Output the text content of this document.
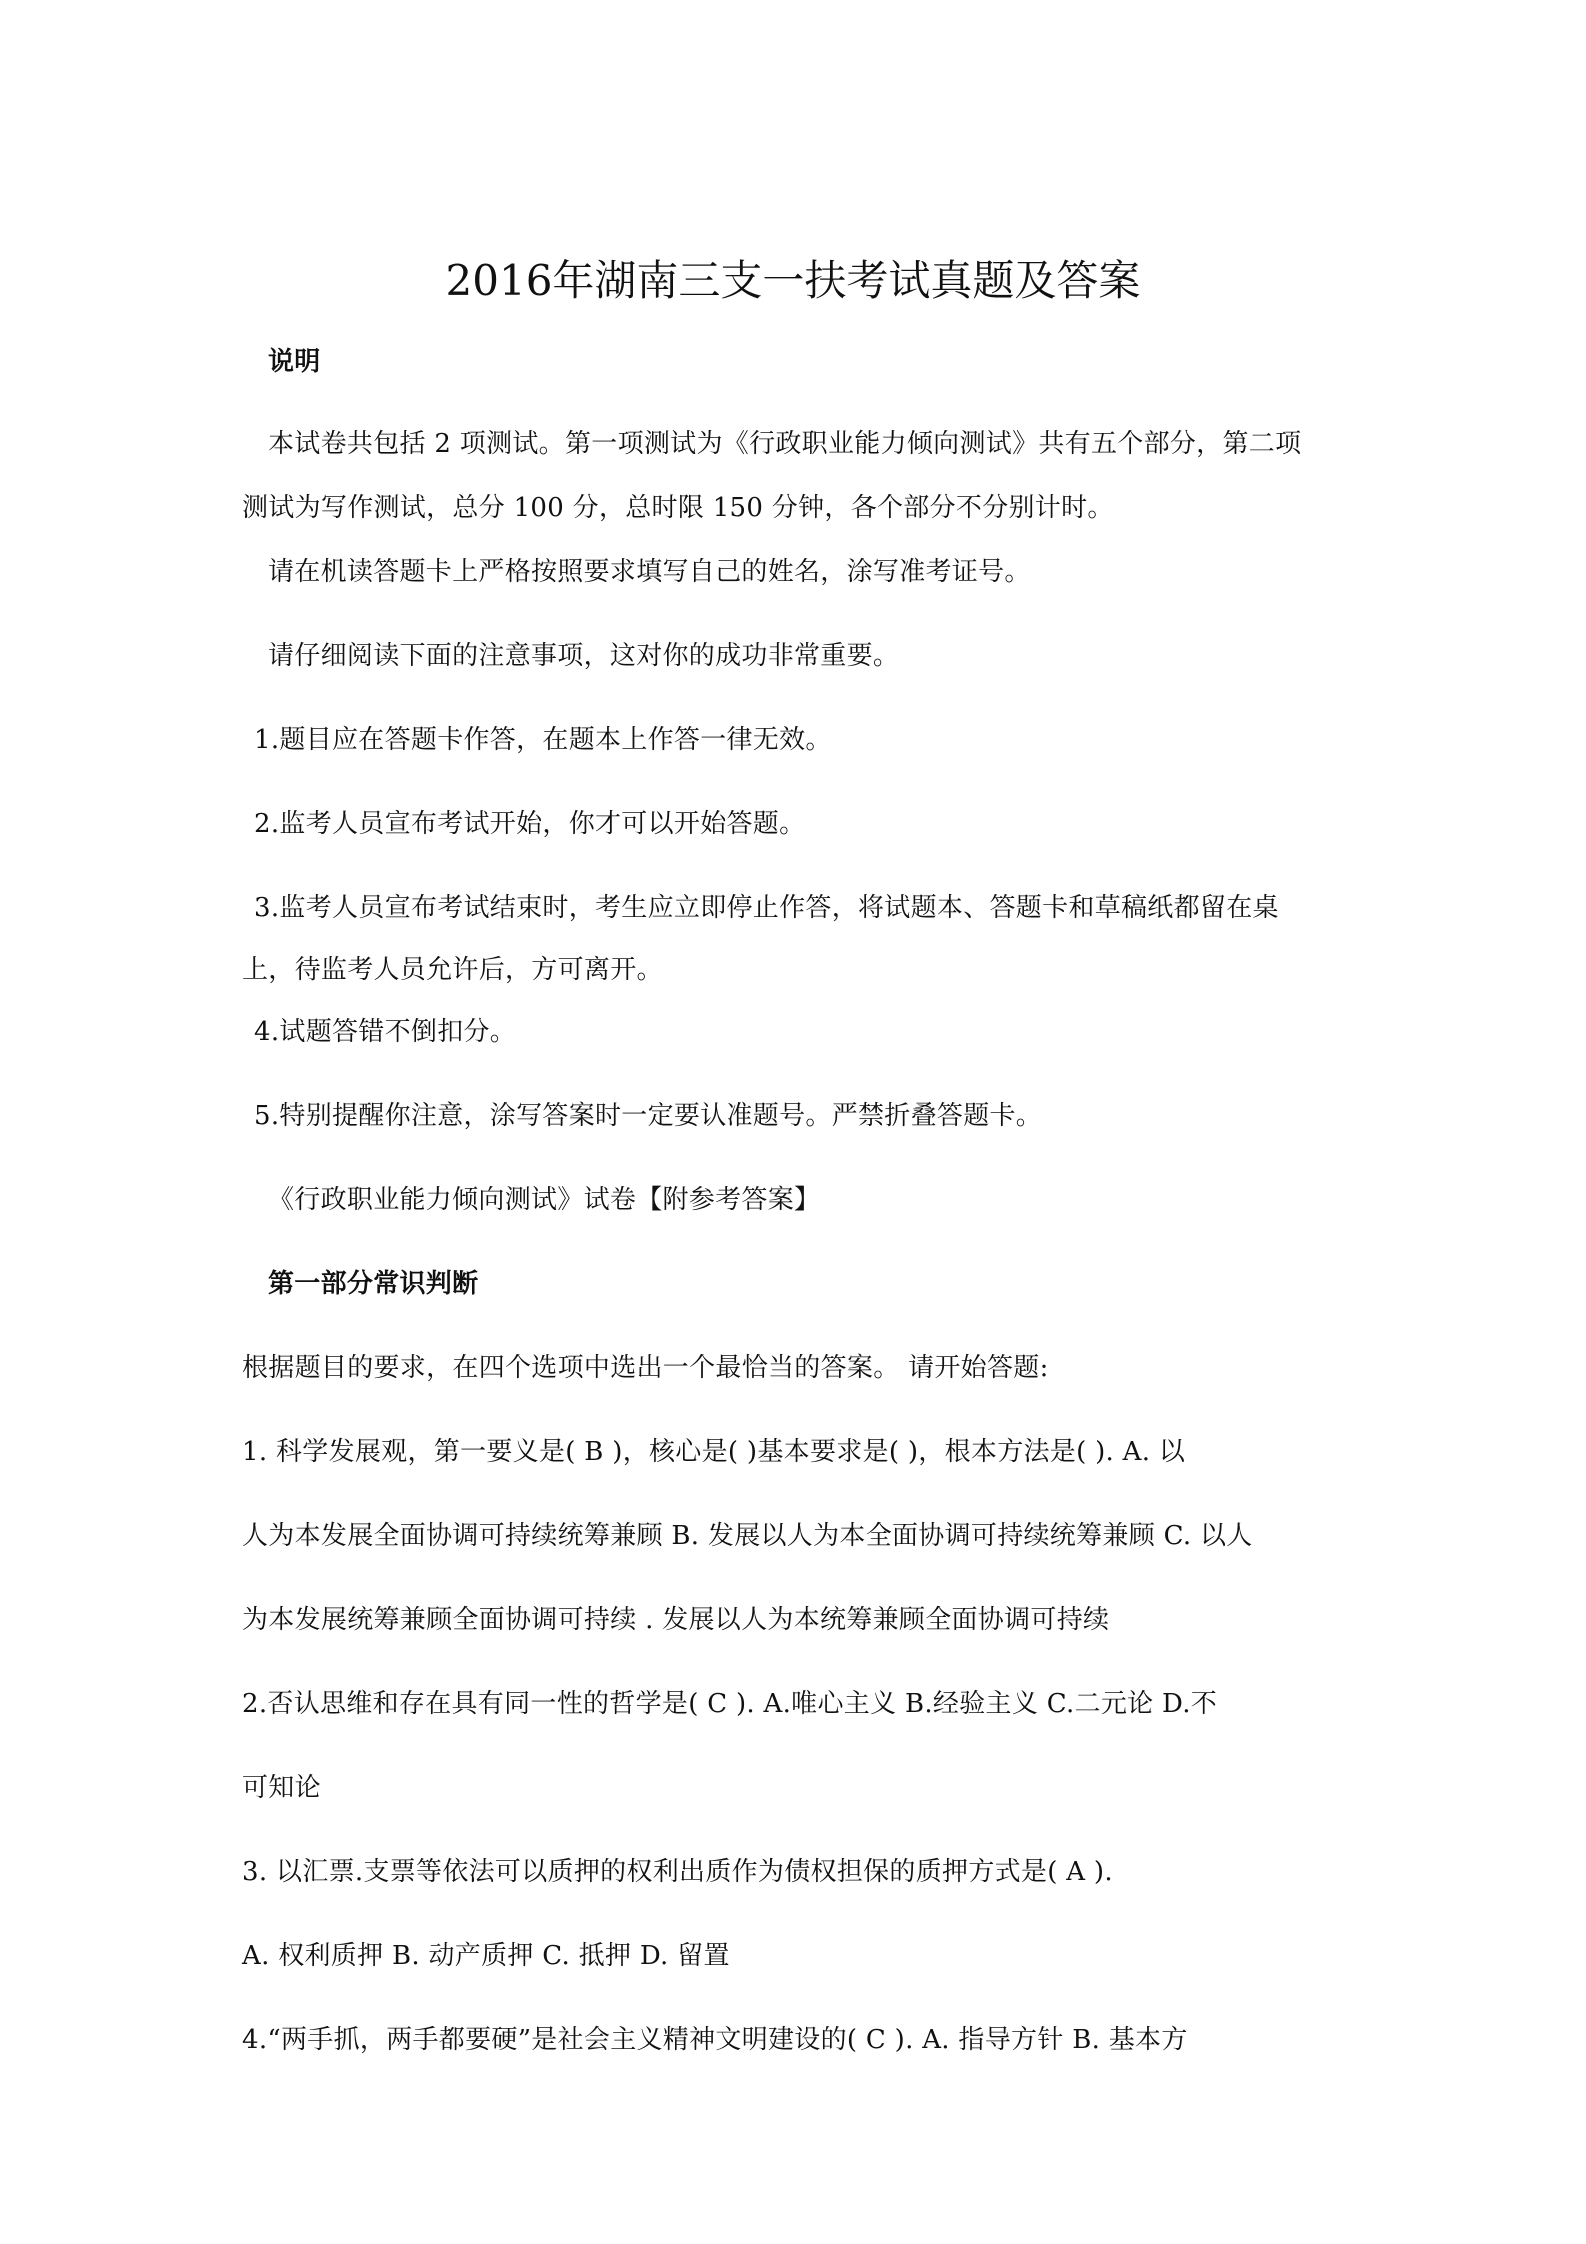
2016年湖南三支一扶考试真题及答案
说明
本试卷共包括 2 项测试。第一项测试为《行政职业能力倾向测试》共有五个部分，第二项
测试为写作测试，总分 100 分，总时限 150 分钟，各个部分不分别计时。
请在机读答题卡上严格按照要求填写自己的姓名，涂写准考证号。
请仔细阅读下面的注意事项，这对你的成功非常重要。
1.题目应在答题卡作答，在题本上作答一律无效。
2.监考人员宣布考试开始，你才可以开始答题。
3.监考人员宣布考试结束时，考生应立即停止作答，将试题本、答题卡和草稿纸都留在桌
上，待监考人员允许后，方可离开。
4.试题答错不倒扣分。
5.特别提醒你注意，涂写答案时一定要认准题号。严禁折叠答题卡。
《行政职业能力倾向测试》试卷【附参考答案】
第一部分常识判断
根据题目的要求，在四个选项中选出一个最恰当的答案。 请开始答题:
1. 科学发展观，第一要义是( B )，核心是( )基本要求是( )，根本方法是( ). A. 以
人为本发展全面协调可持续统筹兼顾 B. 发展以人为本全面协调可持续统筹兼顾 C. 以人
为本发展统筹兼顾全面协调可持续 . 发展以人为本统筹兼顾全面协调可持续
2.否认思维和存在具有同一性的哲学是( C ). A.唯心主义 B.经验主义 C.二元论 D.不
可知论
3. 以汇票.支票等依法可以质押的权利出质作为债权担保的质押方式是( A ).
A. 权利质押 B. 动产质押 C. 抵押 D. 留置
4.“两手抓，两手都要硬”是社会主义精神文明建设的( C ). A. 指导方针 B. 基本方
